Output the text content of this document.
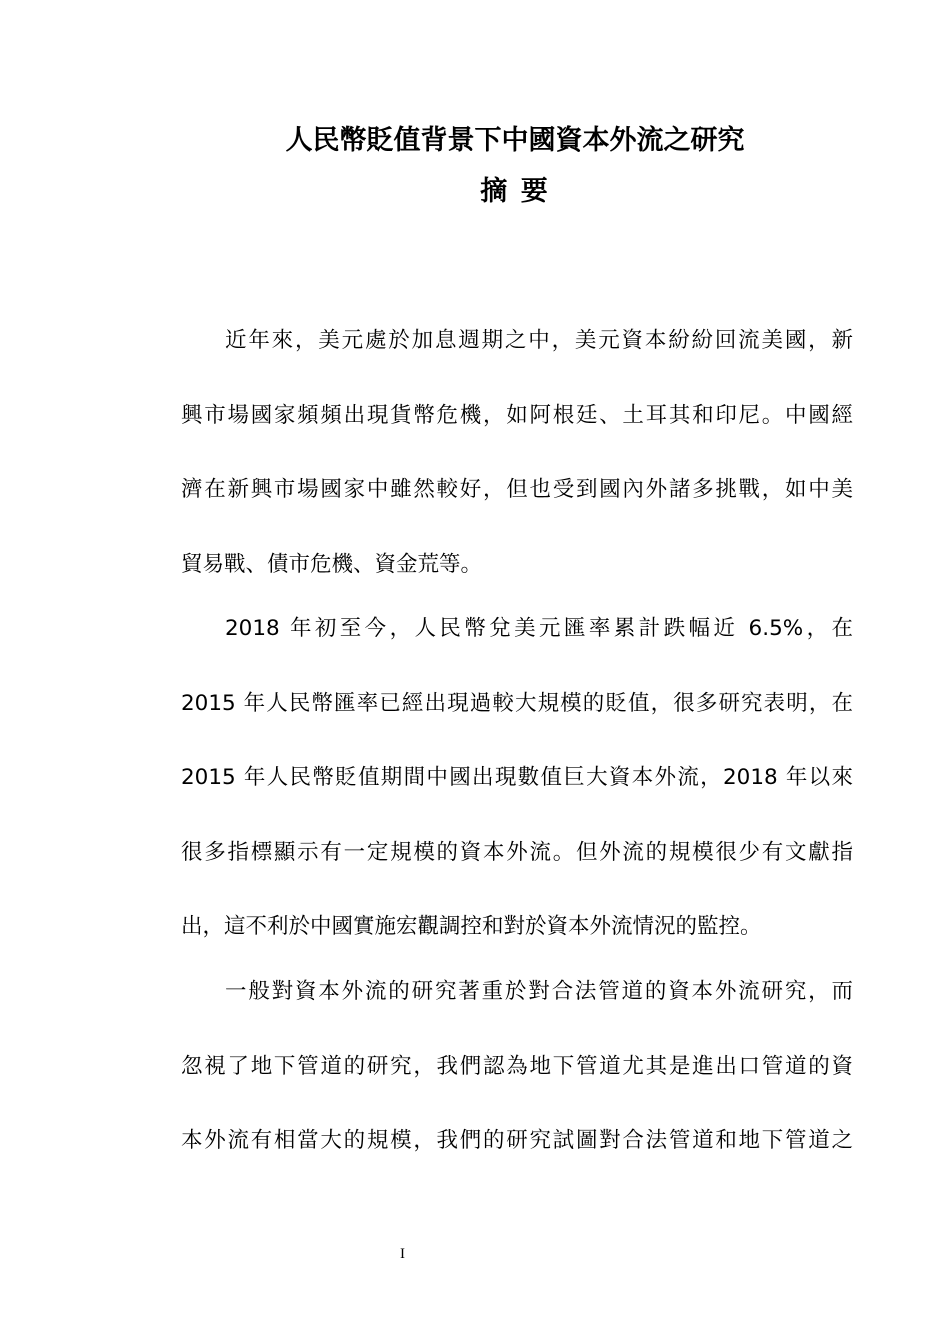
人民幣貶值背景下中國資本外流之研究
摘 要
近年來，美元處於加息週期之中，美元資本紛紛回流美國，新
興市場國家頻頻出現貨幣危機，如阿根廷、土耳其和印尼。中國經
濟在新興市場國家中雖然較好，但也受到國內外諸多挑戰，如中美
貿易戰、債市危機、資金荒等。
2018 年初至今，人民幣兌美元匯率累計跌幅近 6.5%，在
2015 年人民幣匯率已經出現過較大規模的貶值，很多研究表明，在
2015 年人民幣貶值期間中國出現數值巨大資本外流，2018 年以來
很多指標顯示有一定規模的資本外流。但外流的規模很少有文獻指
出，這不利於中國實施宏觀調控和對於資本外流情況的監控。
一般對資本外流的研究著重於對合法管道的資本外流研究，而
忽視了地下管道的研究，我們認為地下管道尤其是進出口管道的資
本外流有相當大的規模，我們的研究試圖對合法管道和地下管道之
I
